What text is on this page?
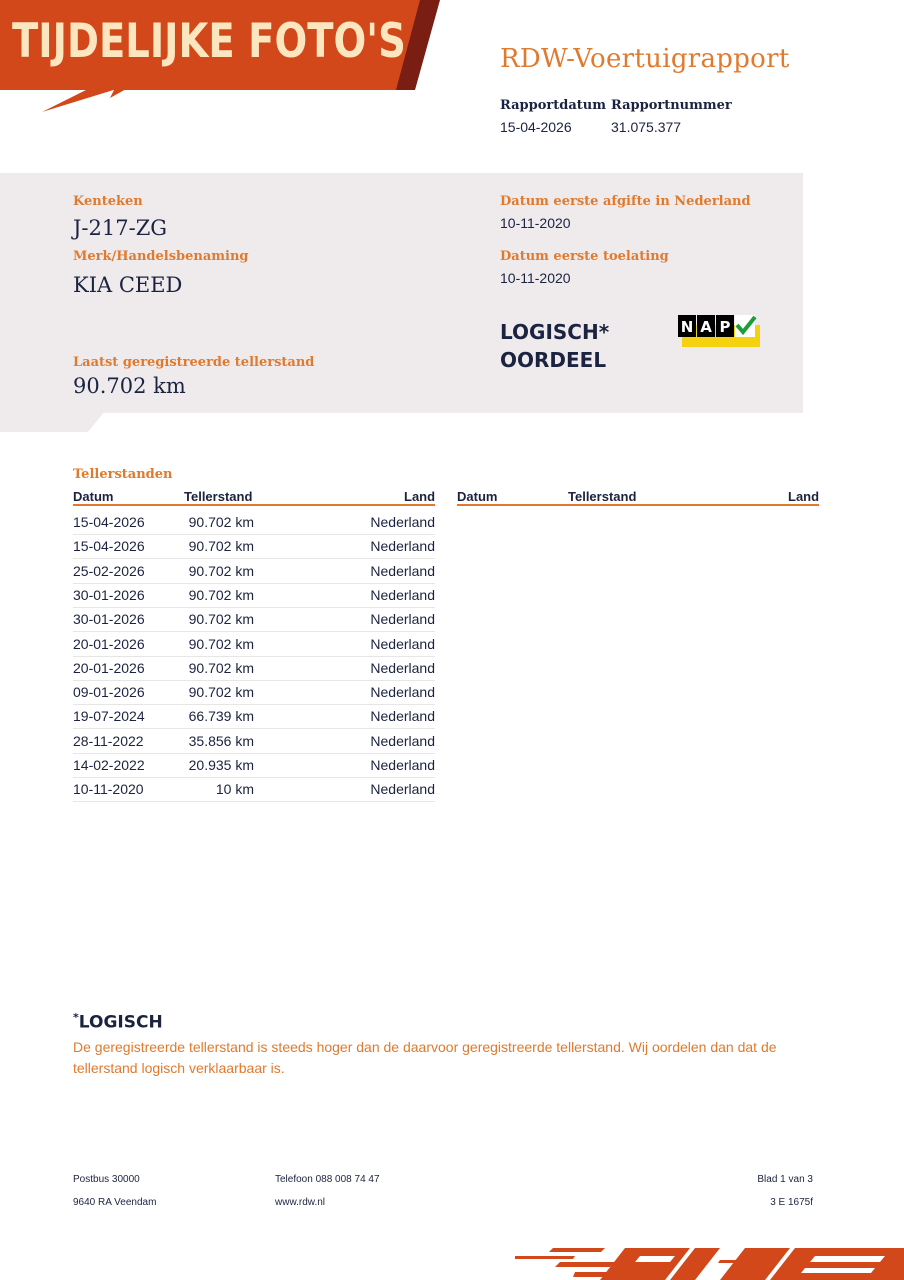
TIJDELIJKE FOTO'S	RDW-Voertuigrapport
Rapportdatum
15-04-2026
Rapportnummer
31.075.377
Kenteken
J-217-ZG
Merk/Handelsbenaming
KIA CEED
Laatst geregistreerde tellerstand
90.702 km
Datum eerste afgifte in Nederland
10-11-2020
Datum eerste toelating
10-11-2020
LOGISCH*
OORDEEL
N A P
Tellerstanden
Datum	Tellerstand	Land Datum	Tellerstand	Land
15-04-2026	90.702 km	Nederland
15-04-2026	90.702 km	Nederland
25-02-2026	90.702 km	Nederland
30-01-2026	90.702 km	Nederland
30-01-2026	90.702 km	Nederland
20-01-2026	90.702 km	Nederland
20-01-2026	90.702 km	Nederland
09-01-2026	90.702 km	Nederland
19-07-2024	66.739 km	Nederland
28-11-2022	35.856 km	Nederland
14-02-2022	20.935 km	Nederland
10-11-2020	10 km	Nederland
*LOGISCH
De geregistreerde tellerstand is steeds hoger dan de daarvoor geregistreerde tellerstand. Wij oordelen dan dat de tellerstand logisch verklaarbaar is.
Postbus 30000
9640 RA Veendam
Telefoon 088 008 74 47
www.rdw.nl
Blad 1 van 3
3 E 1675f
